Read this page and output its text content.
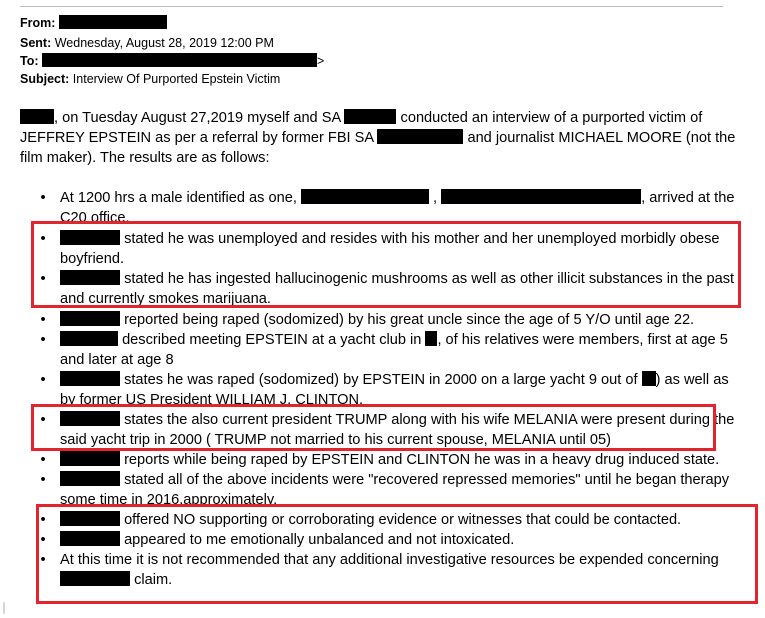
From:
Sent: Wednesday, August 28, 2019 12:00 PM
To:	>
Subject: Interview Of Purported Epstein Victim
, on Tuesday August 27,2019 myself and SA	conducted an interview of a purported victim of JEFFREY EPSTEIN as per a referral by former FBI SA	and journalist MICHAEL MOORE (not the film maker). The results are as follows:
• At 1200 hrs a male identified as one,	,	, arrived at the C20 office.
•	stated he was unemployed and resides with his mother and her unemployed morbidly obese boyfriend.
•	stated he has ingested hallucinogenic mushrooms as well as other illicit substances in the past and currently smokes marijuana.
•	reported being raped (sodomized) by his great uncle since the age of 5 Y/O until age 22.
•	described meeting EPSTEIN at a yacht club in , of his relatives were members, first at age 5 and later at age 8
•	states he was raped (sodomized) by EPSTEIN in 2000 on a large yacht 9 out of ) as well as by former US President WILLIAM J. CLINTON.
•	states the also current president TRUMP along with his wife MELANIA were present during the said yacht trip in 2000 ( TRUMP not married to his current spouse, MELANIA until 05)
•	reports while being raped by EPSTEIN and CLINTON he was in a heavy drug induced state.
•	stated all of the above incidents were "recovered repressed memories" until he began therapy some time in 2016,approximately.
•	offered NO supporting or corroborating evidence or witnesses that could be contacted.
•	appeared to me emotionally unbalanced and not intoxicated.
• At this time it is not recommended that any additional investigative resources be expended concerning  claim.
